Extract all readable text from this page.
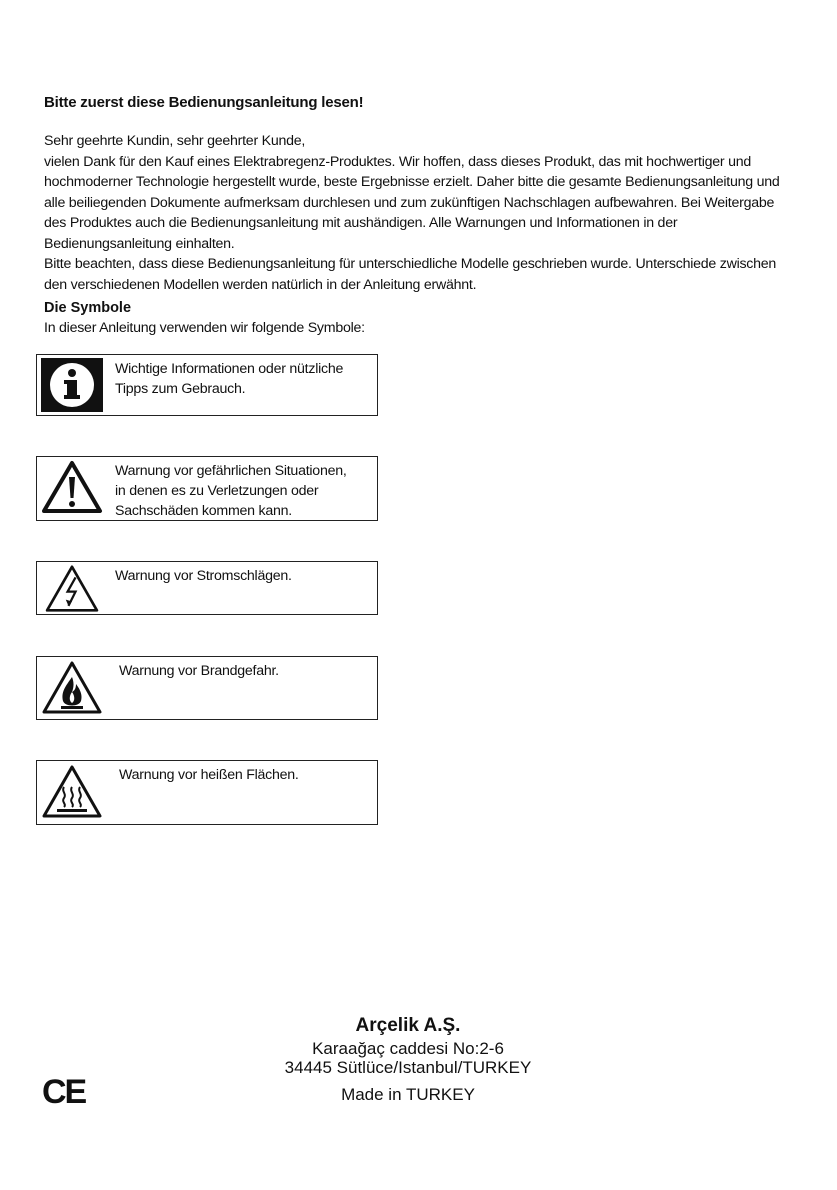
Bitte zuerst diese Bedienungsanleitung lesen!

Sehr geehrte Kundin, sehr geehrter Kunde,

vielen Dank für den Kauf eines Elektrabregenz-Produktes. Wir hoffen, dass dieses Produkt, das mit hochwertiger und hochmoderner Technologie hergestellt wurde, beste Ergebnisse erzielt. Daher bitte die gesamte Bedienungsanleitung und alle beiliegenden Dokumente aufmerksam durchlesen und zum zukünftigen Nachschlagen aufbewahren. Bei Weitergabe des Produktes auch die Bedienungsanleitung mit aushändigen. Alle Warnungen und Informationen in der Bedienungsanleitung einhalten.

Bitte beachten, dass diese Bedienungsanleitung für unterschiedliche Modelle geschrieben wurde. Unterschiede zwischen den verschiedenen Modellen werden natürlich in der Anleitung erwähnt.

Die Symbole
In dieser Anleitung verwenden wir folgende Symbole:
Wichtige Informationen oder nützliche
Tipps zum Gebrauch.
Warnung vor gefährlichen Situationen,
in denen es zu Verletzungen oder
Sachschäden kommen kann.
Warnung vor Stromschlägen.
Warnung vor Brandgefahr.
Warnung vor heißen Flächen.
Arçelik A.Ş.
Karaağaç caddesi No:2-6
34445 Sütlüce/Istanbul/TURKEY
Made in TURKEY
CE
